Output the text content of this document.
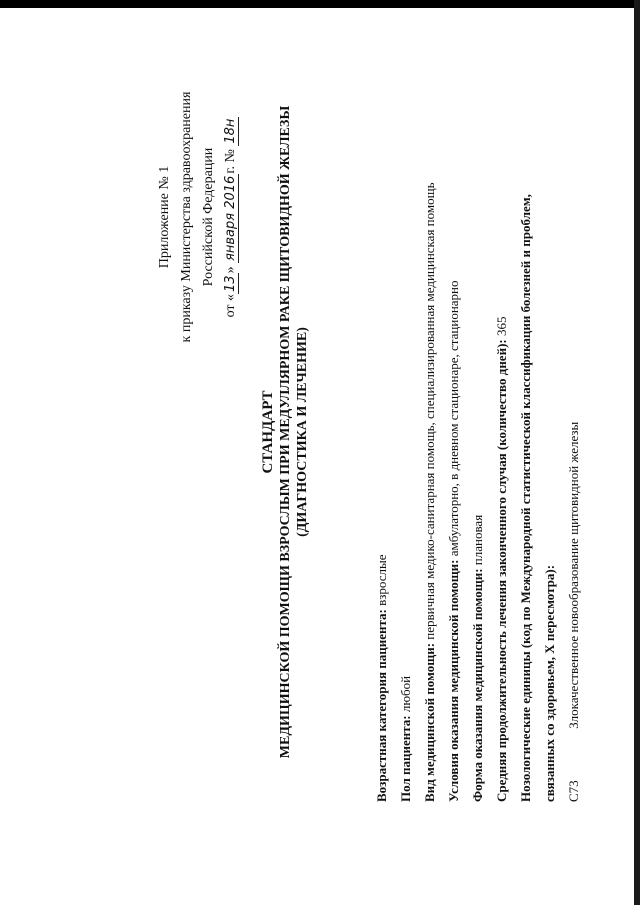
Приложение № 1 к приказу Министерства здравоохранения Российской Федерации
от «13» января 2016г. № 18н
СТАНДАРТ МЕДИЦИНСКОЙ ПОМОЩИ ВЗРОСЛЫМ ПРИ МЕДУЛЛЯРНОМ РАКЕ ЩИТОВИДНОЙ ЖЕЛЕЗЫ (ДИАГНОСТИКА И ЛЕЧЕНИЕ)
Возрастная категория пациента: взрослые
Пол пациента: любой Вид медицинской помощи: первичная медико-санитарная помощь, специализированная медицинская помощь
Условия оказания медицинской помощи: амбулаторно, в дневном стационаре, стационарно
Форма оказания медицинской помощи: плановая Средняя продолжительность лечения законченного случая (количество дней): 365 Нозологические единицы (код по Международной статистической классификации болезней и проблем, связанных со здоровьем, X пересмотра): C73 Злокачественное новообразование щитовидной железы
